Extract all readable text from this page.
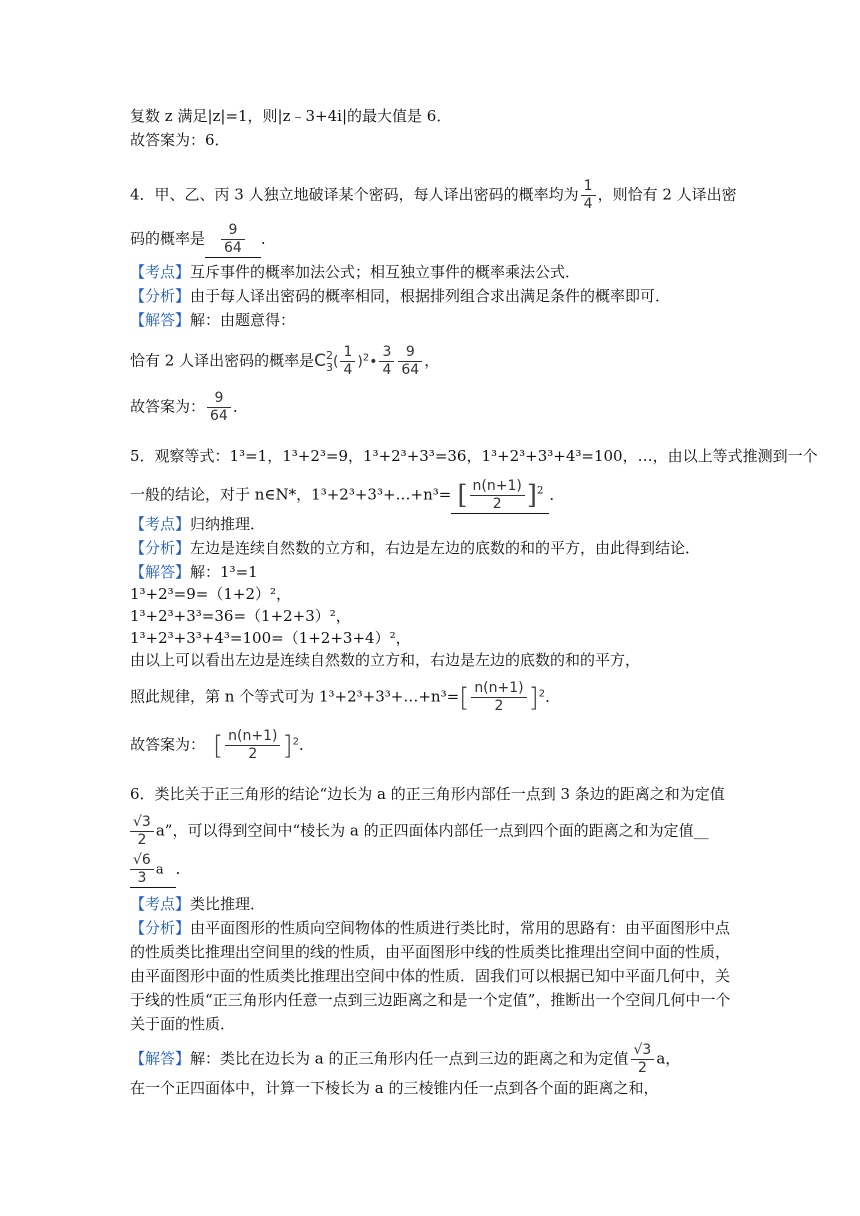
复数 z 满足|z|=1，则|z﹣3+4i|的最大值是 6．
故答案为：6．
4．甲、乙、丙 3 人独立地破译某个密码，每人译出密码的概率均为 $\frac{1}{4}$ ，则恰有 2 人译出密
码的概率是 $\frac{9}{64}$ ．
【考点】互斥事件的概率加法公式；相互独立事件的概率乘法公式．
【分析】由于每人译出密码的概率相同，根据排列组合求出满足条件的概率即可．
【解答】解：由题意得：
恰有 2 人译出密码的概率是C 2
3 ( $\frac{1}{4}$ )$^2$• $\frac{3}{4} \frac{9}{64}$ ，
故答案为： $\frac{9}{64}$ ．
5．观察等式：1³=1，1³+2³=9，1³+2³+3³=36，1³+2³+3³+4³=100，…，由以上等式推测到一个
一般的结论，对于 n∈N*，1³+2³+3³+…+n³= [ $\frac{n(n+1)}{2} ]^2$ ．
【考点】归纳推理．
【分析】左边是连续自然数的立方和，右边是左边的底数的和的平方，由此得到结论．
【解答】解：1³=1
1³+2³=9=（1+2）²，
1³+2³+3³=36=（1+2+3）²，
1³+2³+3³+4³=100=（1+2+3+4）²，
由以上可以看出左边是连续自然数的立方和，右边是左边的底数的和的平方，
照此规律，第 n 个等式可为 1³+2³+3³+…+n³=[ $\frac{n(n+1)}{2} ]^2$．
故答案为： [ $\frac{n(n+1)}{2} ]^2$．
6．类比关于正三角形的结论“边长为 a 的正三角形内部任一点到 3 条边的距离之和为定值
$\frac{√3}{2} a$”，可以得到空间中“棱长为 a 的正四面体内部任一点到四个面的距离之和为定值__
$\frac{√6}{3}$ a ．
【考点】类比推理．
【分析】由平面图形的性质向空间物体的性质进行类比时，常用的思路有：由平面图形中点
的性质类比推理出空间里的线的性质，由平面图形中线的性质类比推理出空间中面的性质，
由平面图形中面的性质类比推理出空间中体的性质．固我们可以根据已知中平面几何中，关
于线的性质“正三角形内任意一点到三边距离之和是一个定值”，推断出一个空间几何中一个
关于面的性质．
【解答】解：类比在边长为 a 的正三角形内任一点到三边的距离之和为定值 $\frac{√3}{2}$ a，
在一个正四面体中，计算一下棱长为 a 的三棱锥内任一点到各个面的距离之和，
